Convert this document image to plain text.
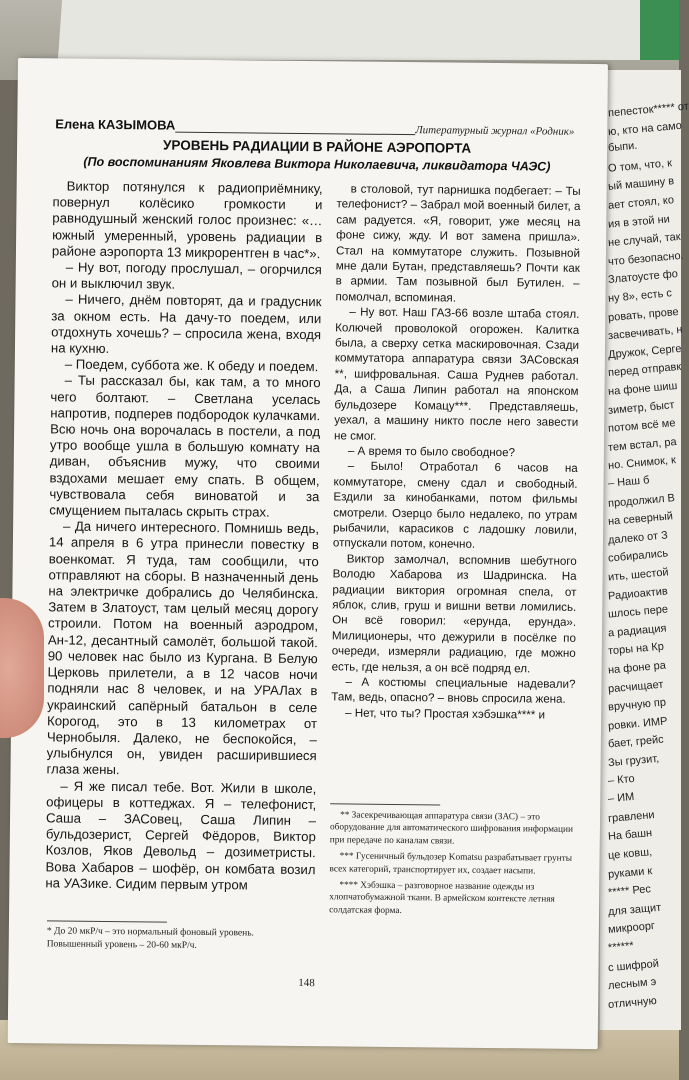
пепесток***** от
ю, кто на само
быпи.
О том, что, к
ый машину в
ает стоял, ко
ия в этой ни
не случай, так
что безопасно.
Златоусте фо
ну 8», есть с
ровать, прове
засвечивать, н
Дружок, Серге
перед отправк
на фоне шиш
зиметр, быст
потом всё ме
тем встал, ра
но. Снимок, к
– Наш б
продолжил В
на северный
далеко от З
собирались
ить, шестой
Радиоактив
шлось пере
а радиация
торы на Кр
на фоне ра
расчищает
вручную пр
ровки. ИМР
бает, грейс
Зы грузит,
– Кто
– ИМ
гравлени
На башн
це ковш,
руками к
***** Рес
для защит
микроорг
******
с шифрой
лесным э
отличную
Елена КАЗЫМОВА	Литературный журнал «Родник»
УРОВЕНЬ РАДИАЦИИ В РАЙОНЕ АЭРОПОРТА
(По воспоминаниям Яковлева Виктора Николаевича, ликвидатора ЧАЭС)

Виктор потянулся к радиоприёмнику, повернул колёсико громкости и равнодушный женский голос произнес: «…южный умеренный, уровень радиации в районе аэропорта 13 микрорентген в час*».

– Ну вот, погоду прослушал, – огорчился он и выключил звук.

– Ничего, днём повторят, да и градусник за окном есть. На дачу-то поедем, или отдохнуть хочешь? – спросила жена, входя на кухню.

– Поедем, суббота же. К обеду и поедем.

– Ты рассказал бы, как там, а то много чего болтают. – Светлана уселась напротив, подперев подбородок кулачками. Всю ночь она ворочалась в постели, а под утро вообще ушла в большую комнату на диван, объяснив мужу, что своими вздохами мешает ему спать. В общем, чувствовала себя виноватой и за смущением пыталась скрыть страх.

– Да ничего интересного. Помнишь ведь, 14 апреля в 6 утра принесли повестку в военкомат. Я туда, там сообщили, что отправляют на сборы. В назначенный день на электричке добрались до Челябинска. Затем в Златоуст, там целый месяц дорогу строили. Потом на военный аэродром, Ан-12, десантный самолёт, большой такой. 90 человек нас было из Кургана. В Белую Церковь прилетели, а в 12 часов ночи подняли нас 8 человек, и на УРАЛах в украинский сапёрный батальон в селе Корогод, это в 13 километрах от Чернобыля. Далеко, не беспокойся, – улыбнулся он, увиден расширившиеся глаза жены.

– Я же писал тебе. Вот. Жили в школе, офицеры в коттеджах. Я – телефонист, Саша – ЗАСовец, Саша Липин – бульдозерист, Сергей Фёдоров, Виктор Козлов, Яков Девольд – дозиметристы. Вова Хабаров – шофёр, он комбата возил на УАЗике. Сидим первым утром

в столовой, тут парнишка подбегает: – Ты телефонист? – Забрал мой военный билет, а сам радуется. «Я, говорит, уже месяц на фоне сижу, жду. И вот замена пришла». Стал на коммутаторе служить. Позывной мне дали Бутан, представляешь? Почти как в армии. Там позывной был Бутилен. – помолчал, вспоминая.

– Ну вот. Наш ГАЗ-66 возле штаба стоял. Колючей проволокой огорожен. Калитка была, а сверху сетка маскировочная. Сзади коммутатора аппаратура связи ЗАСовская **, шифровальная. Саша Руднев работал. Да, а Саша Липин работал на японском бульдозере Комацу***. Представляешь, уехал, а машину никто после него завести не смог.

– А время то было свободное?

– Было! Отработал 6 часов на коммутаторе, смену сдал и свободный. Ездили за кинобанками, потом фильмы смотрели. Озерцо было недалеко, по утрам рыбачили, карасиков с ладошку ловили, отпускали потом, конечно.

Виктор замолчал, вспомнив шебутного Володю Хабарова из Шадринска. На радиации виктория огромная спела, от яблок, слив, груш и вишни ветви ломились. Он всё говорил: «ерунда, ерунда». Милиционеры, что дежурили в посёлке по очереди, измеряли радиацию, где можно есть, где нельзя, а он всё подряд ел.

– А костюмы специальные надевали? Там, ведь, опасно? – вновь спросила жена.

– Нет, что ты? Простая хэбэшка**** и

* До 20 мкР/ч – это нормальный фоновый уровень. Повышенный уровень – 20-60 мкР/ч.

** Засекречивающая аппаратура связи (ЗАС) – это оборудование для автоматического шифрования информации при передаче по каналам связи.

*** Гусеничный бульдозер Komatsu разрабатывает грунты всех категорий, транспортирует их, создает насыпи.

**** Хэбэшка – разговорное название одежды из хлопчатобумажной ткани. В армейском контексте летняя солдатская форма.

148
